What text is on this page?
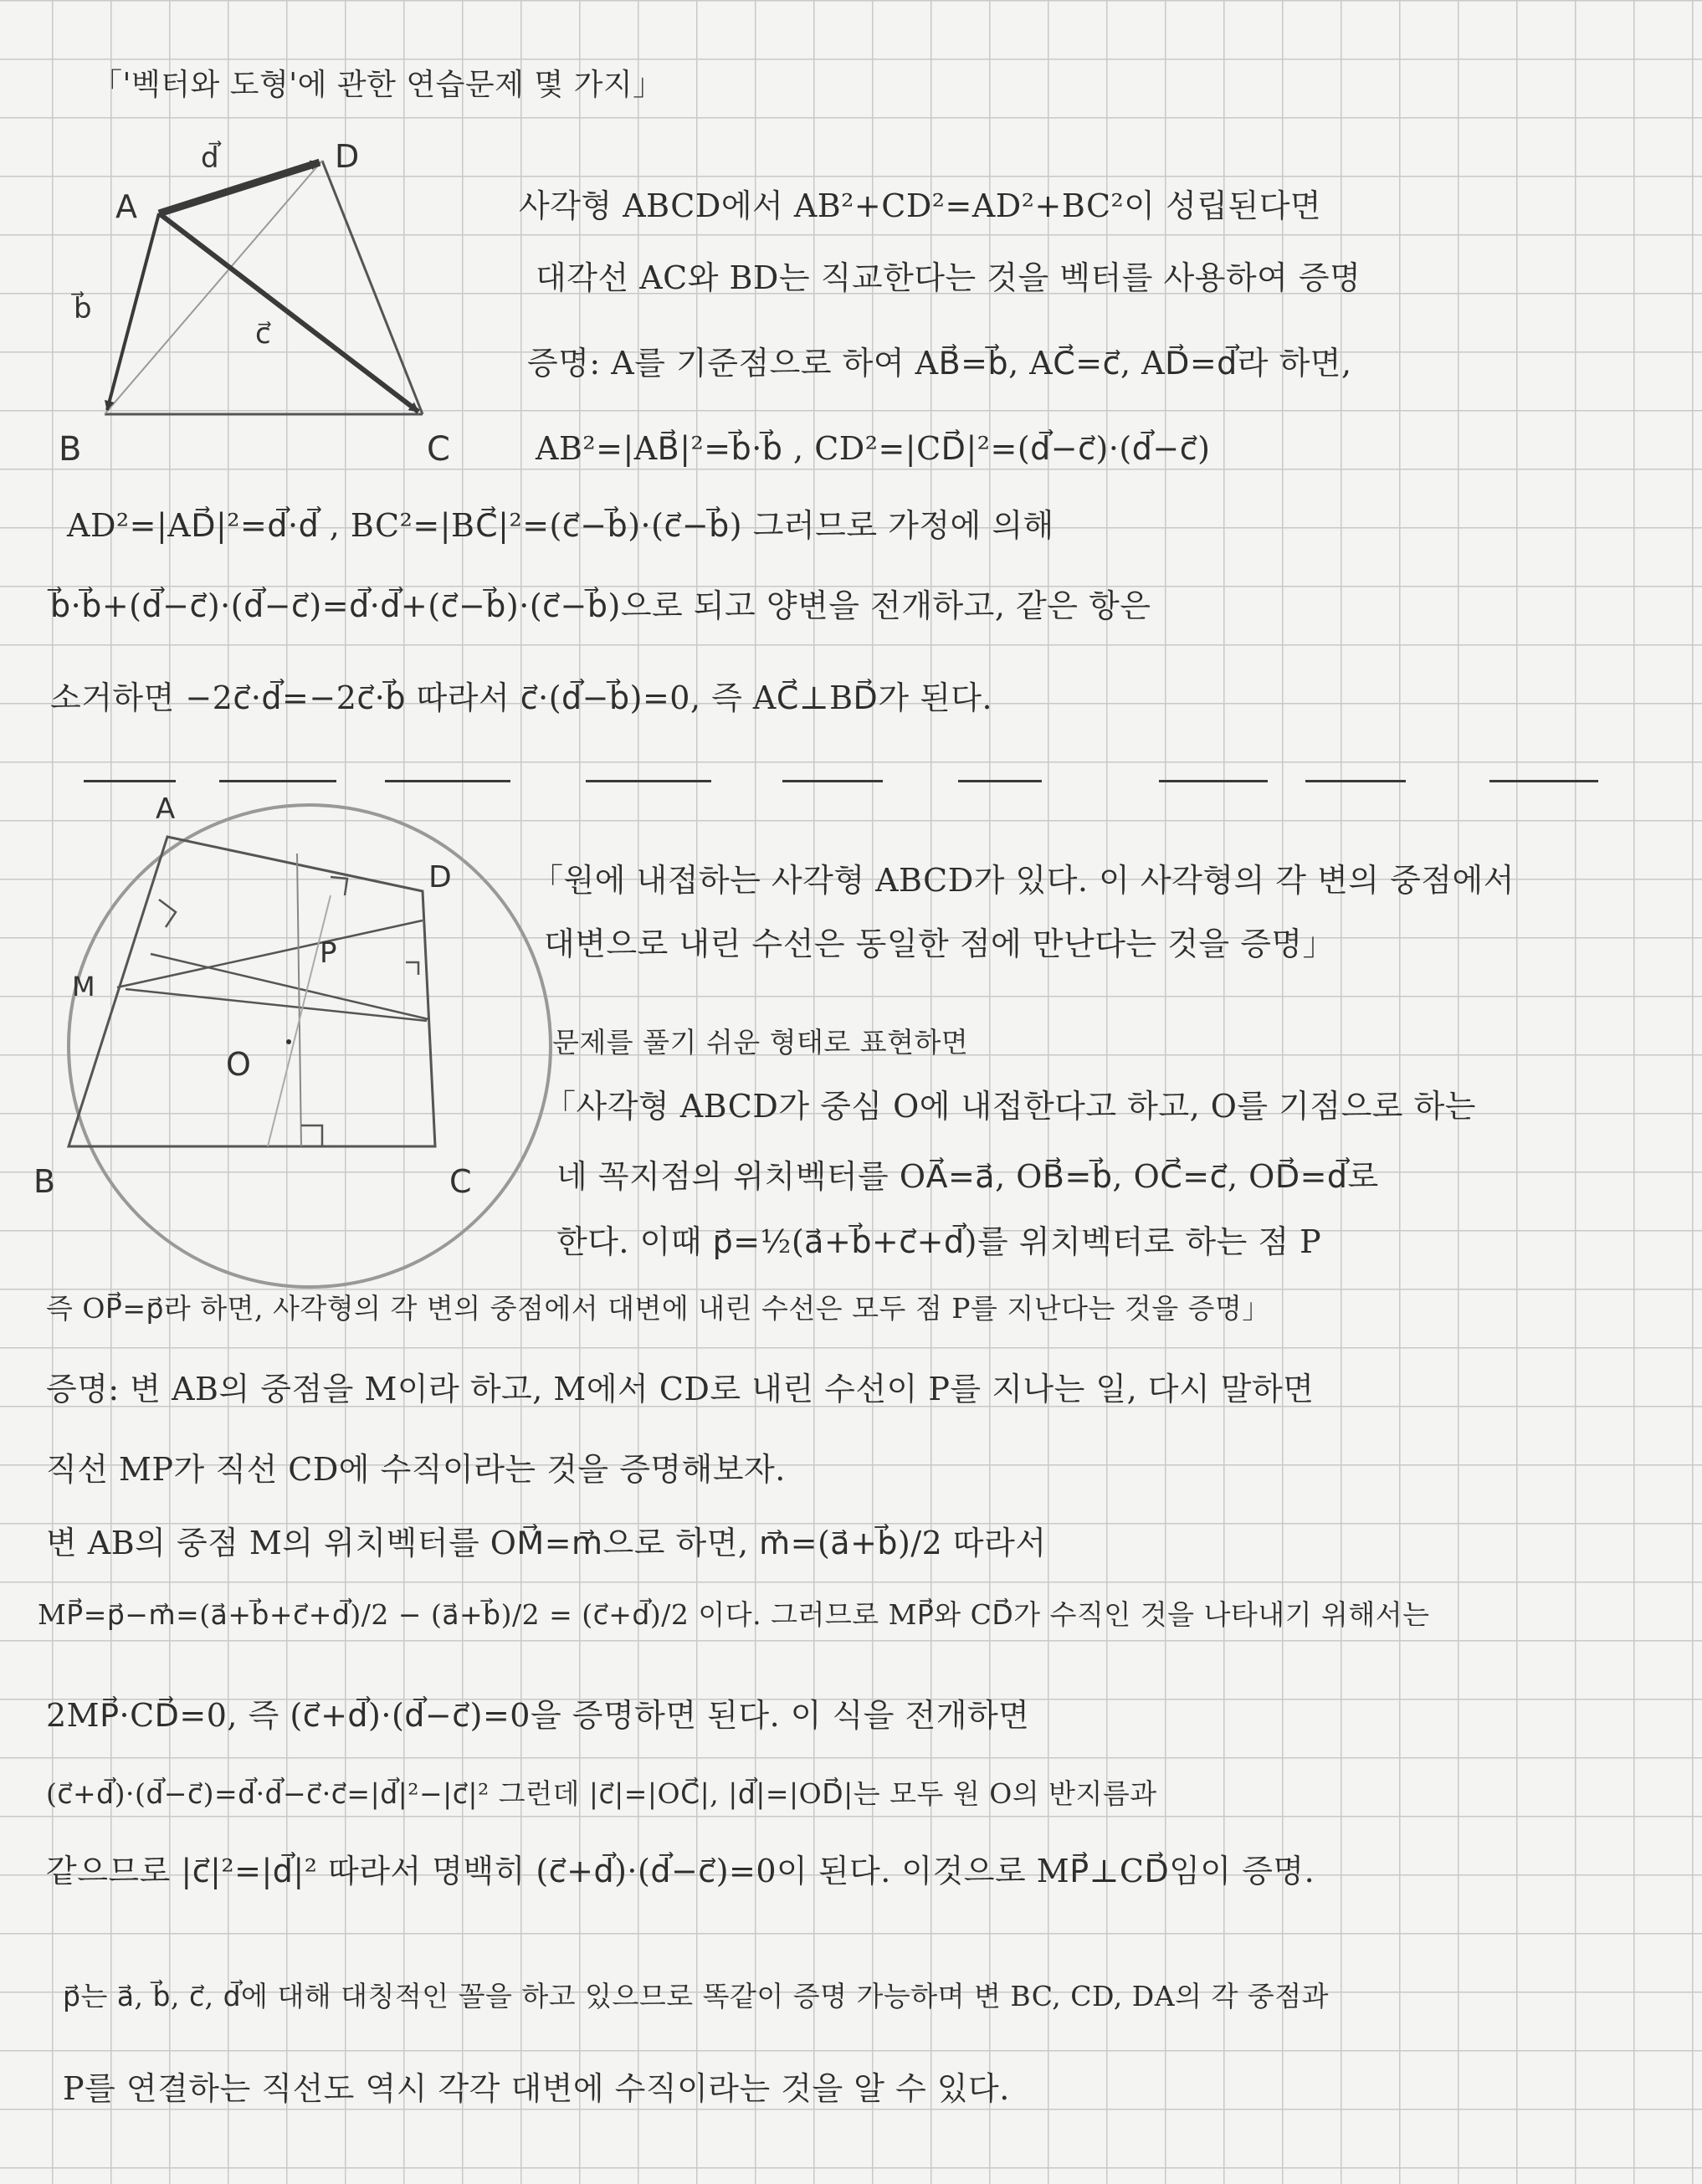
「'벡터와 도형'에 관한 연습문제 몇 가지」
A
B	C
D
d⃗
b⃗
c⃗
사각형 ABCD에서 AB²+CD²=AD²+BC²이 성립된다면
대각선 AC와 BD는 직교한다는 것을 벡터를 사용하여 증명
증명: A를 기준점으로 하여 AB⃗=b⃗, AC⃗=c⃗, AD⃗=d⃗라 하면,
AB²=|AB⃗|²=b⃗·b⃗ , CD²=|CD⃗|²=(d⃗−c⃗)·(d⃗−c⃗)
AD²=|AD⃗|²=d⃗·d⃗ , BC²=|BC⃗|²=(c⃗−b⃗)·(c⃗−b⃗) 그러므로 가정에 의해
b⃗·b⃗+(d⃗−c⃗)·(d⃗−c⃗)=d⃗·d⃗+(c⃗−b⃗)·(c⃗−b⃗)으로 되고 양변을 전개하고, 같은 항은
소거하면 −2c⃗·d⃗=−2c⃗·b⃗ 따라서 c⃗·(d⃗−b⃗)=0, 즉 AC⃗⊥BD⃗가 된다.
A
B	C
D
M
P
O
「원에 내접하는 사각형 ABCD가 있다. 이 사각형의 각 변의 중점에서
대변으로 내린 수선은 동일한 점에 만난다는 것을 증명」
문제를 풀기 쉬운 형태로 표현하면
「사각형 ABCD가 중심 O에 내접한다고 하고, O를 기점으로 하는
네 꼭지점의 위치벡터를 OA⃗=a⃗, OB⃗=b⃗, OC⃗=c⃗, OD⃗=d⃗로
한다. 이때 p⃗=½(a⃗+b⃗+c⃗+d⃗)를 위치벡터로 하는 점 P
즉 OP⃗=p⃗라 하면, 사각형의 각 변의 중점에서 대변에 내린 수선은 모두 점 P를 지난다는 것을 증명」
증명: 변 AB의 중점을 M이라 하고, M에서 CD로 내린 수선이 P를 지나는 일, 다시 말하면
직선 MP가 직선 CD에 수직이라는 것을 증명해보자.
변 AB의 중점 M의 위치벡터를 OM⃗=m⃗으로 하면, m⃗=(a⃗+b⃗)/2 따라서
MP⃗=p⃗−m⃗=(a⃗+b⃗+c⃗+d⃗)/2 − (a⃗+b⃗)/2 = (c⃗+d⃗)/2 이다. 그러므로 MP⃗와 CD⃗가 수직인 것을 나타내기 위해서는
2MP⃗·CD⃗=0, 즉 (c⃗+d⃗)·(d⃗−c⃗)=0을 증명하면 된다. 이 식을 전개하면
(c⃗+d⃗)·(d⃗−c⃗)=d⃗·d⃗−c⃗·c⃗=|d⃗|²−|c⃗|² 그런데 |c⃗|=|OC⃗|, |d⃗|=|OD⃗|는 모두 원 O의 반지름과
같으므로 |c⃗|²=|d⃗|² 따라서 명백히 (c⃗+d⃗)·(d⃗−c⃗)=0이 된다. 이것으로 MP⃗⊥CD⃗임이 증명.
p⃗는 a⃗, b⃗, c⃗, d⃗에 대해 대칭적인 꼴을 하고 있으므로 똑같이 증명 가능하며 변 BC, CD, DA의 각 중점과
P를 연결하는 직선도 역시 각각 대변에 수직이라는 것을 알 수 있다.
